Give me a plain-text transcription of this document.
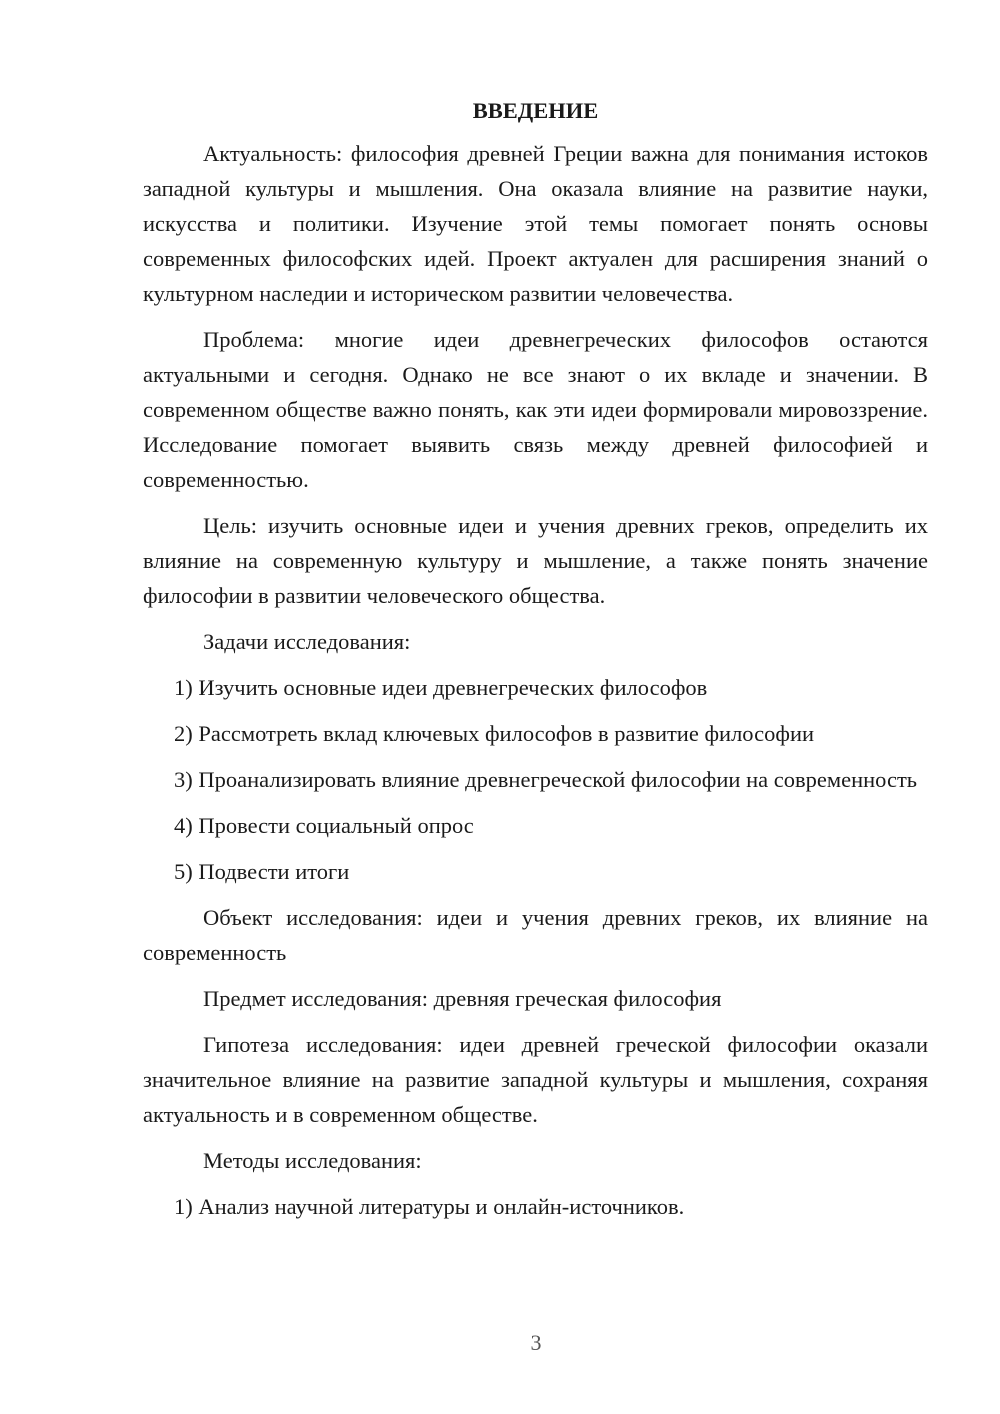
ВВЕДЕНИЕ

Актуальность: философия древней Греции важна для понимания истоков западной культуры и мышления. Она оказала влияние на развитие науки, искусства и политики. Изучение этой темы помогает понять основы современных философских идей. Проект актуален для расширения знаний о культурном наследии и историческом развитии человечества.

Проблема: многие идеи древнегреческих философов остаются актуальными и сегодня. Однако не все знают о их вкладе и значении. В современном обществе важно понять, как эти идеи формировали мировоззрение. Исследование помогает выявить связь между древней философией и современностью.

Цель: изучить основные идеи и учения древних греков, определить их влияние на современную культуру и мышление, а также понять значение философии в развитии человеческого общества.

Задачи исследования:

1) Изучить основные идеи древнегреческих философов

2) Рассмотреть вклад ключевых философов в развитие философии

3) Проанализировать влияние древнегреческой философии на современность

4) Провести социальный опрос

5) Подвести итоги

Объект исследования: идеи и учения древних греков, их влияние на современность

Предмет исследования: древняя греческая философия

Гипотеза исследования: идеи древней греческой философии оказали значительное влияние на развитие западной культуры и мышления, сохраняя актуальность и в современном обществе.

Методы исследования:

1) Анализ научной литературы и онлайн-источников.

3
